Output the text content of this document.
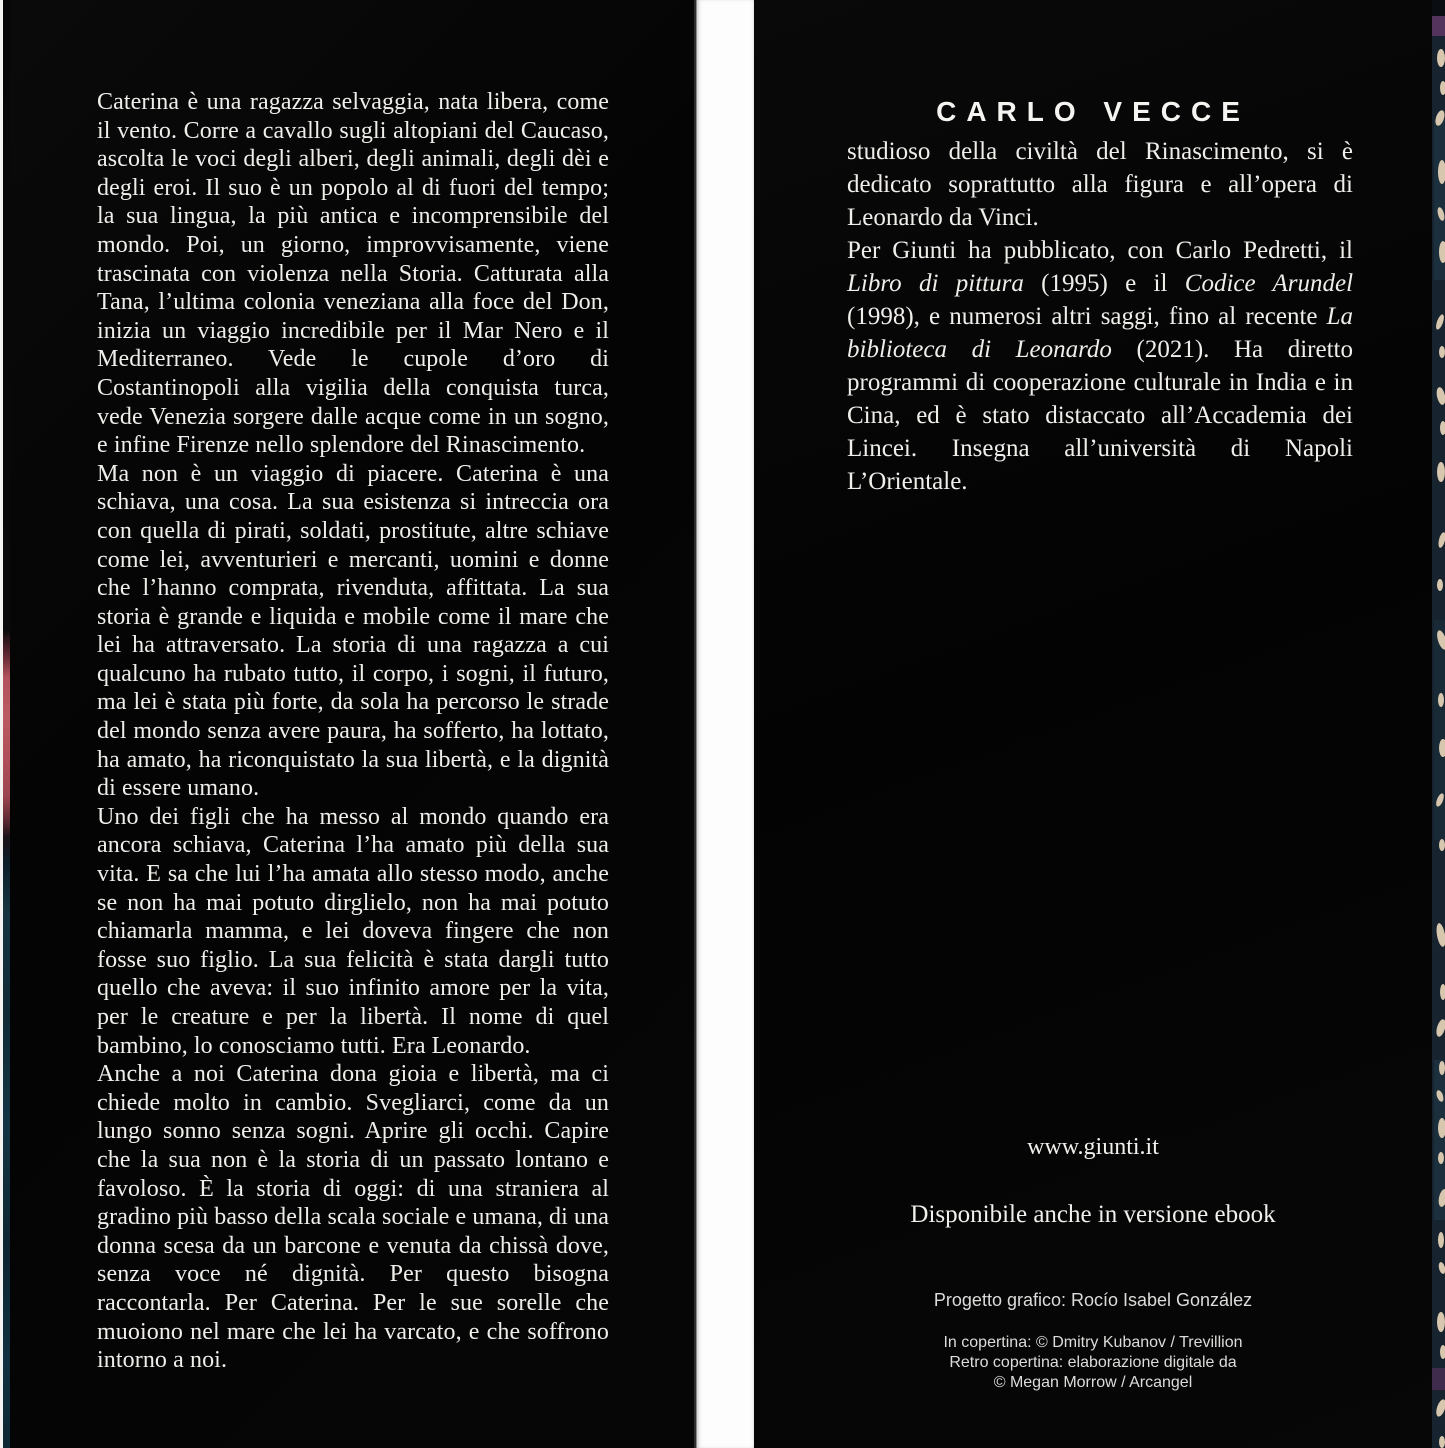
Caterina è una ragazza selvaggia, nata libera, come il vento. Corre a cavallo sugli altopiani del Caucaso, ascolta le voci degli alberi, degli animali, degli dèi e degli eroi. Il suo è un popolo al di fuori del tempo; la sua lingua, la più antica e incomprensibile del mondo. Poi, un giorno, improvvisamente, viene trascinata con violenza nella Storia. Catturata alla Tana, l’ultima colonia veneziana alla foce del Don, inizia un viaggio incredibile per il Mar Nero e il Mediterraneo. Vede le cupole d’oro di Costantinopoli alla vigilia della conquista turca, vede Venezia sorgere dalle acque come in un sogno, e infine Firenze nello splendore del Rinascimento.

Ma non è un viaggio di piacere. Caterina è una schiava, una cosa. La sua esistenza si intreccia ora con quella di pirati, soldati, prostitute, altre schiave come lei, avventurieri e mercanti, uomini e donne che l’hanno comprata, rivenduta, affittata. La sua storia è grande e liquida e mobile come il mare che lei ha attraversato. La storia di una ragazza a cui qualcuno ha rubato tutto, il corpo, i sogni, il futuro, ma lei è stata più forte, da sola ha percorso le strade del mondo senza avere paura, ha sofferto, ha lottato, ha amato, ha riconquistato la sua libertà, e la dignità di essere umano.

Uno dei figli che ha messo al mondo quando era ancora schiava, Caterina l’ha amato più della sua vita. E sa che lui l’ha amata allo stesso modo, anche se non ha mai potuto dirglielo, non ha mai potuto chiamarla mamma, e lei doveva fingere che non fosse suo figlio. La sua felicità è stata dargli tutto quello che aveva: il suo infinito amore per la vita, per le creature e per la libertà. Il nome di quel bambino, lo conosciamo tutti. Era Leonardo.

Anche a noi Caterina dona gioia e libertà, ma ci chiede molto in cambio. Svegliarci, come da un lungo sonno senza sogni. Aprire gli occhi. Capire che la sua non è la storia di un passato lontano e favoloso. È la storia di oggi: di una straniera al gradino più basso della scala sociale e umana, di una donna scesa da un barcone e venuta da chissà dove, senza voce né dignità. Per questo bisogna raccontarla. Per Caterina. Per le sue sorelle che muoiono nel mare che lei ha varcato, e che soffrono intorno a noi.

CARLO VECCE

studioso della civiltà del Rinascimento, si è dedicato soprattutto alla figura e all’opera di Leonardo da Vinci.

Per Giunti ha pubblicato, con Carlo Pedretti, il Libro di pittura (1995) e il Codice Arundel (1998), e numerosi altri saggi, fino al recente La biblioteca di Leonardo (2021). Ha diretto programmi di cooperazione culturale in India e in Cina, ed è stato distaccato all’Accademia dei Lincei. Insegna all’università di Napoli L’Orientale.

www.giunti.it
Disponibile anche in versione ebook

Progetto grafico: Rocío Isabel González

In copertina: © Dmitry Kubanov / Trevillion

Retro copertina: elaborazione digitale da

© Megan Morrow / Arcangel
